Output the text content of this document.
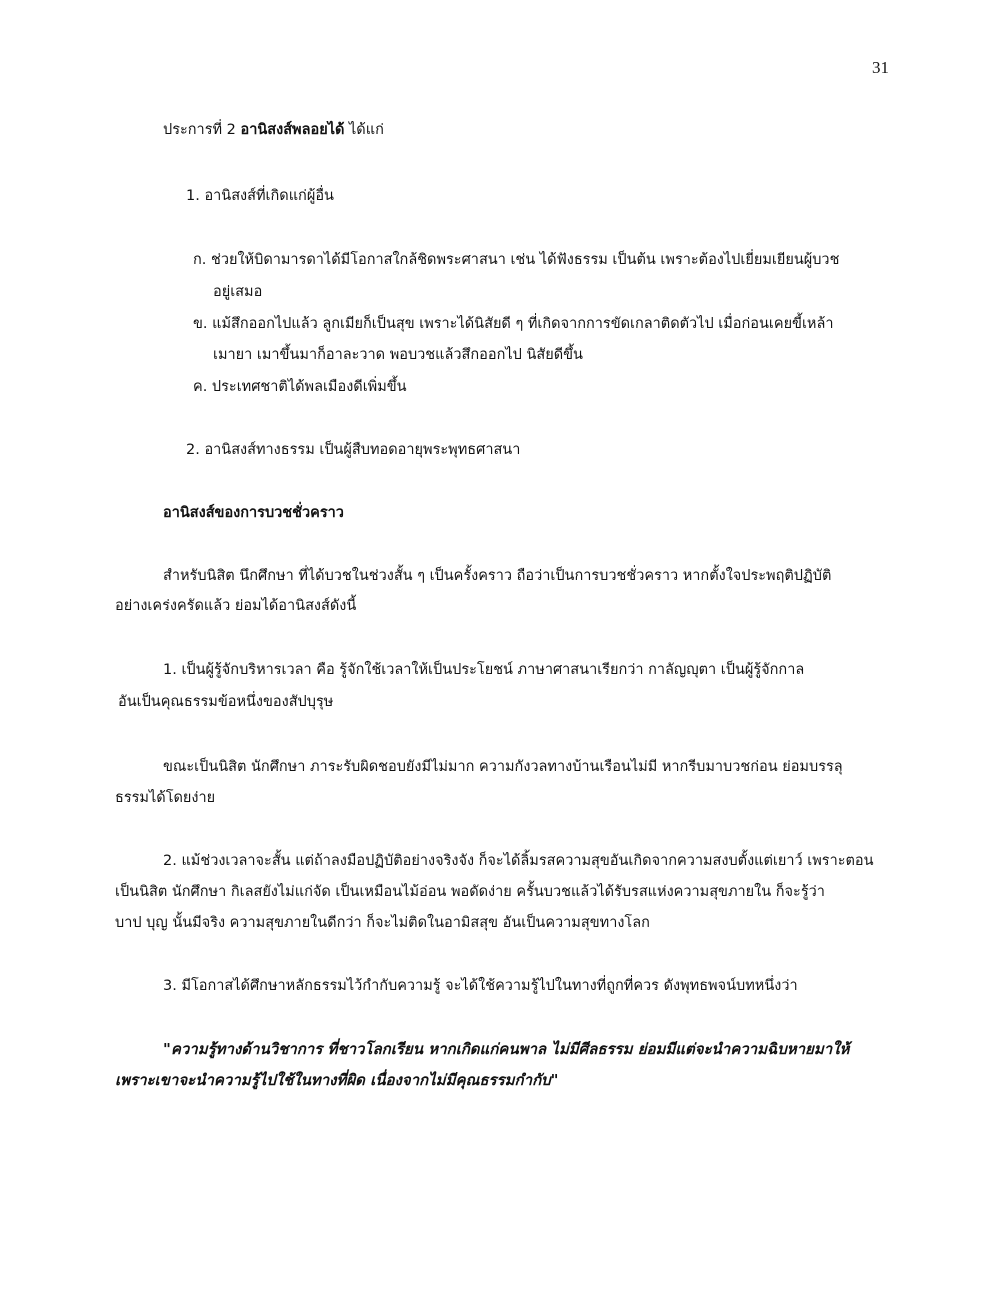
31
ประการที่ 2 อานิสงส์พลอยได้ ได้แก่
1. อานิสงส์ที่เกิดแก่ผู้อื่น
ก. ช่วยให้บิดามารดาได้มีโอกาสใกล้ชิดพระศาสนา เช่น ได้ฟังธรรม เป็นต้น เพราะต้องไปเยี่ยมเยียนผู้บวช
อยู่เสมอ
ข. แม้สึกออกไปแล้ว ลูกเมียก็เป็นสุข เพราะได้นิสัยดี ๆ ที่เกิดจากการขัดเกลาติดตัวไป เมื่อก่อนเคยขี้เหล้า
เมายา เมาขึ้นมาก็อาละวาด พอบวชแล้วสึกออกไป นิสัยดีขึ้น
ค. ประเทศชาติได้พลเมืองดีเพิ่มขึ้น
2. อานิสงส์ทางธรรม เป็นผู้สืบทอดอายุพระพุทธศาสนา
อานิสงส์ของการบวชชั่วคราว
สำหรับนิสิต นึกศึกษา ที่ได้บวชในช่วงสั้น ๆ เป็นครั้งคราว ถือว่าเป็นการบวชชั่วคราว หากตั้งใจประพฤติปฏิบัติ
อย่างเคร่งครัดแล้ว ย่อมได้อานิสงส์ดังนี้
1. เป็นผู้รู้จักบริหารเวลา คือ รู้จักใช้เวลาให้เป็นประโยชน์ ภาษาศาสนาเรียกว่า กาลัญญุตา เป็นผู้รู้จักกาล
อันเป็นคุณธรรมข้อหนึ่งของสัปบุรุษ
ขณะเป็นนิสิต นักศึกษา ภาระรับผิดชอบยังมีไม่มาก ความกังวลทางบ้านเรือนไม่มี หากรีบมาบวชก่อน ย่อมบรรลุ
ธรรมได้โดยง่าย
2. แม้ช่วงเวลาจะสั้น แต่ถ้าลงมือปฏิบัติอย่างจริงจัง ก็จะได้ลิ้มรสความสุขอันเกิดจากความสงบตั้งแต่เยาว์ เพราะตอน
เป็นนิสิต นักศึกษา กิเลสยังไม่แก่จัด เป็นเหมือนไม้อ่อน พอดัดง่าย ครั้นบวชแล้วได้รับรสแห่งความสุขภายใน ก็จะรู้ว่า
บาป บุญ นั้นมีจริง ความสุขภายในดีกว่า ก็จะไม่ติดในอามิสสุข อันเป็นความสุขทางโลก
3. มีโอกาสได้ศึกษาหลักธรรมไว้กำกับความรู้ จะได้ใช้ความรู้ไปในทางที่ถูกที่ควร ดังพุทธพจน์บทหนึ่งว่า
"ความรู้ทางด้านวิชาการ ที่ชาวโลกเรียน หากเกิดแก่คนพาล ไม่มีศีลธรรม ย่อมมีแต่จะนำความฉิบหายมาให้
เพราะเขาจะนำความรู้ไปใช้ในทางที่ผิด เนื่องจากไม่มีคุณธรรมกำกับ"
